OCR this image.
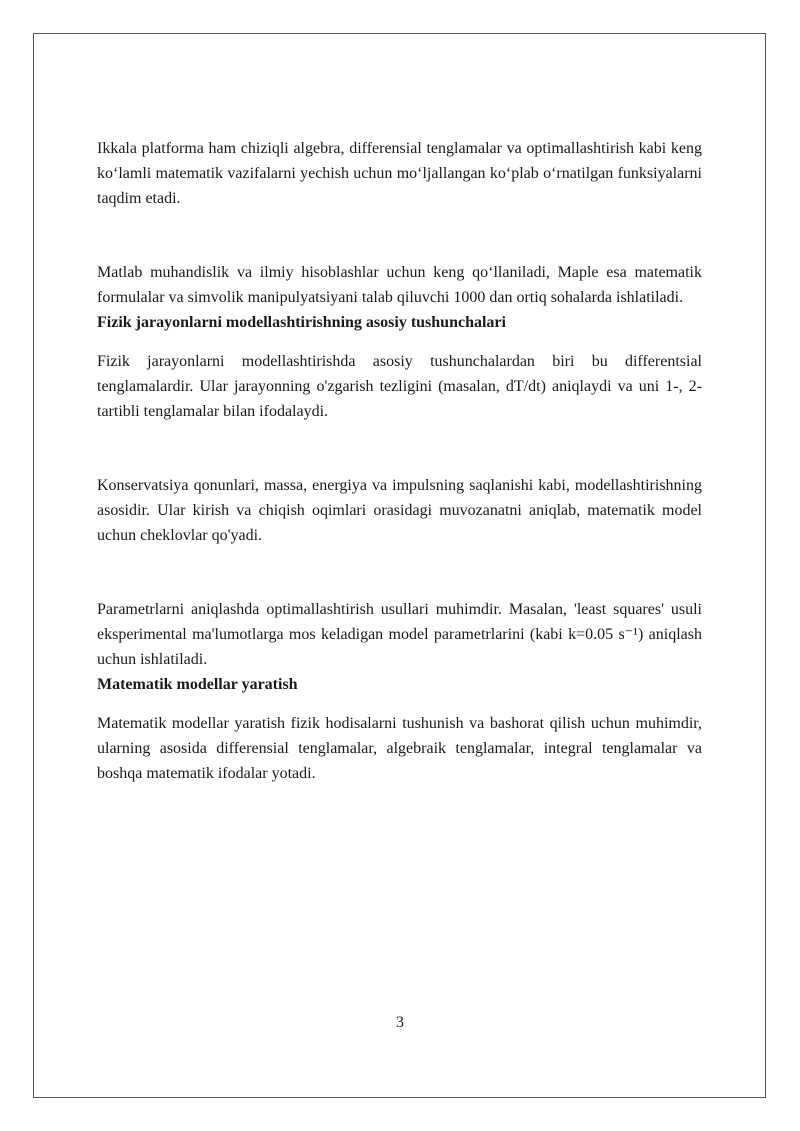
Ikkala platforma ham chiziqli algebra, differensial tenglamalar va optimallashtirish kabi keng ko‘lamli matematik vazifalarni yechish uchun mo‘ljallangan ko‘plab o‘rnatilgan funksiyalarni taqdim etadi.

Matlab muhandislik va ilmiy hisoblashlar uchun keng qo‘llaniladi, Maple esa matematik formulalar va simvolik manipulyatsiyani talab qiluvchi 1000 dan ortiq sohalarda ishlatiladi.

Fizik jarayonlarni modellashtirishning asosiy tushunchalari

Fizik jarayonlarni modellashtirishda asosiy tushunchalardan biri bu differentsial tenglamalardir. Ular jarayonning o'zgarish tezligini (masalan, dT/dt) aniqlaydi va uni 1-, 2-tartibli tenglamalar bilan ifodalaydi.

Konservatsiya qonunlari, massa, energiya va impulsning saqlanishi kabi, modellashtirishning asosidir. Ular kirish va chiqish oqimlari orasidagi muvozanatni aniqlab, matematik model uchun cheklovlar qo'yadi.

Parametrlarni aniqlashda optimallashtirish usullari muhimdir. Masalan, 'least squares' usuli eksperimental ma'lumotlarga mos keladigan model parametrlarini (kabi k=0.05 s⁻¹) aniqlash uchun ishlatiladi.

Matematik modellar yaratish

Matematik modellar yaratish fizik hodisalarni tushunish va bashorat qilish uchun muhimdir, ularning asosida differensial tenglamalar, algebraik tenglamalar, integral tenglamalar va boshqa matematik ifodalar yotadi.

3
